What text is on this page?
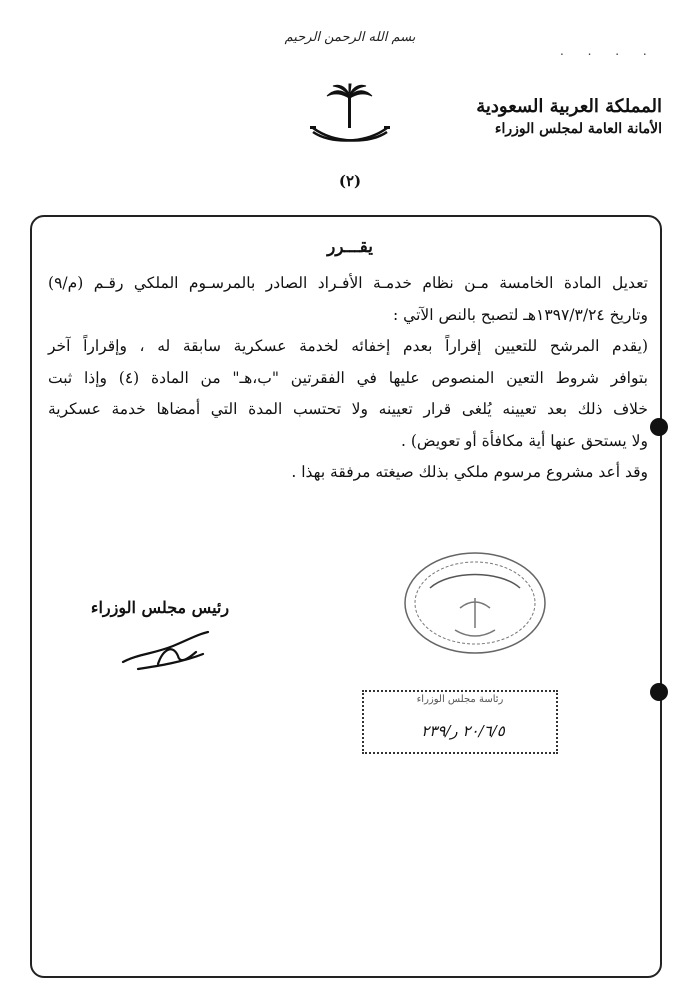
. . . .
بسم الله الرحمن الرحيم
(٢)
المملكة العربية السعودية
الأمانة العامة لمجلس الوزراء
يقـــرر
تعديل المادة الخامسة مـن نظام خدمـة الأفـراد الصادر بالمرسـوم الملكي رقـم (م/٩)
وتاريخ ١٣٩٧/٣/٢٤هـ لتصبح بالنص الآتي :
(يقدم المرشح للتعيين إقراراً بعدم إخفائه لخدمة عسكرية سابقة له ، وإقراراً آخر
بتوافر شروط التعين المنصوص عليها في الفقرتين "ب،هـ" من المادة (٤) وإذا ثبت
خلاف ذلك بعد تعيينه يُلغى قرار تعيينه ولا تحتسب المدة التي أمضاها خدمة عسكرية
ولا يستحق عنها أية مكافأة أو تعويض) .
وقد أعد مشروع مرسوم ملكي بذلك صيغته مرفقة بهذا .
رئيس مجلس الوزراء
رئاسة مجلس الوزراء
٢٠/٦/٥ ر/٢٣٩
